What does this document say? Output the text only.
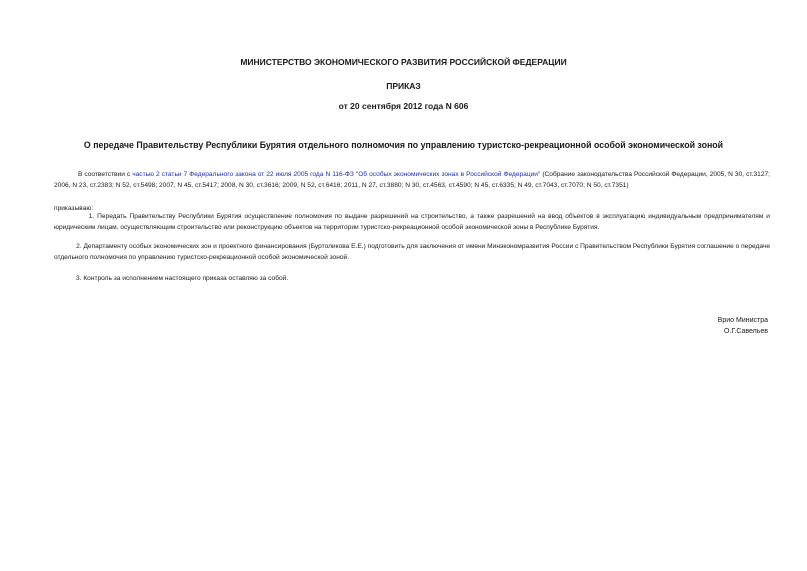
МИНИСТЕРСТВО ЭКОНОМИЧЕСКОГО РАЗВИТИЯ РОССИЙСКОЙ ФЕДЕРАЦИИ
ПРИКАЗ
от 20 сентября 2012 года N 606
О передаче Правительству Республики Бурятия отдельного полномочия по управлению туристско-рекреационной особой экономической зоной
В соответствии с частью 2 статьи 7 Федерального закона от 22 июля 2005 года N 116-ФЗ "Об особых экономических зонах в Российской Федерации" (Собрание законодательства Российской Федерации, 2005, N 30, ст.3127; 2006, N 23, ст.2383; N 52, ст.5498; 2007, N 45, ст.5417; 2008, N 30, ст.3616; 2009, N 52, ст.6416; 2011, N 27, ст.3880; N 30, ст.4563, ст.4590; N 45, ст.6335; N 49, ст.7043, ст.7070; N 50, ст.7351)
приказываю:
1. Передать Правительству Республики Бурятия осуществление полномочия по выдаче разрешений на строительство, а также разрешений на ввод объектов в эксплуатацию индивидуальным предпринимателям и юридическим лицам, осуществляющим строительство или реконструкцию объектов на территории туристско-рекреационной особой экономической зоны в Республике Бурятия.
2. Департаменту особых экономических зон и проектного финансирования (Буртоликова Е.Е.) подготовить для заключения от имени Минэкономразвития России с Правительством Республики Бурятия соглашение о передаче отдельного полномочия по управлению туристско-рекреационной особой экономической зоной.
3. Контроль за исполнением настоящего приказа оставляю за собой.
Врио Министра
О.Г.Савельев
